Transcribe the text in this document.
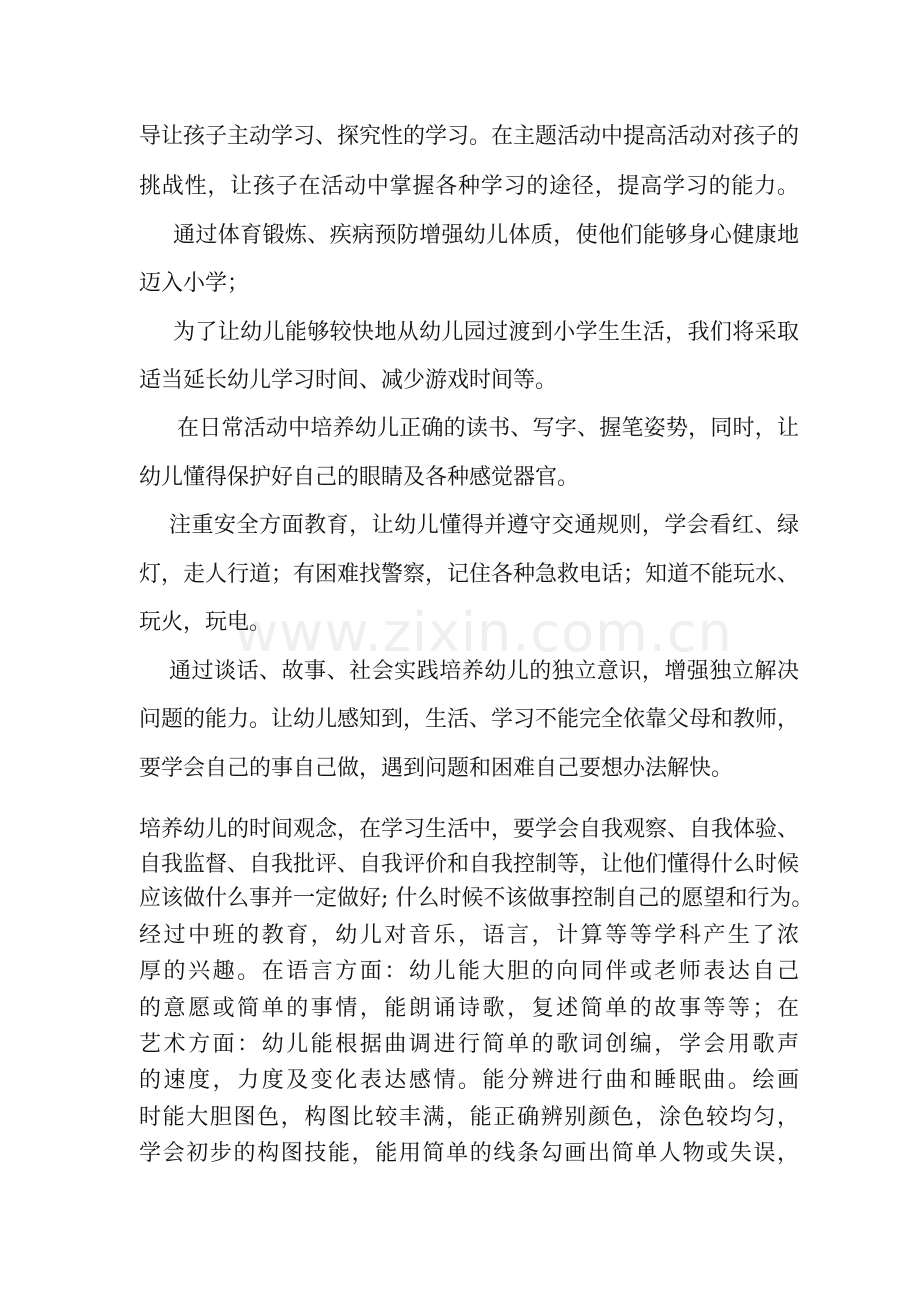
导让孩子主动学习、探究性的学习。在主题活动中提高活动对孩子的
挑战性，让孩子在活动中掌握各种学习的途径，提高学习的能力。
通过体育锻炼、疾病预防增强幼儿体质，使他们能够身心健康地
迈入小学；
为了让幼儿能够较快地从幼儿园过渡到小学生生活，我们将采取
适当延长幼儿学习时间、减少游戏时间等。
在日常活动中培养幼儿正确的读书、写字、握笔姿势，同时，让
幼儿懂得保护好自己的眼睛及各种感觉器官。
注重安全方面教育，让幼儿懂得并遵守交通规则，学会看红、绿
灯，走人行道；有困难找警察，记住各种急救电话；知道不能玩水、
玩火，玩电。
通过谈话、故事、社会实践培养幼儿的独立意识，增强独立解决
问题的能力。让幼儿感知到，生活、学习不能完全依靠父母和教师，
要学会自己的事自己做，遇到问题和困难自己要想办法解快。
培养幼儿的时间观念，在学习生活中，要学会自我观察、自我体验、
自我监督、自我批评、自我评价和自我控制等，让他们懂得什么时候
应该做什么事并一定做好; 什么时候不该做事控制自己的愿望和行为。
经过中班的教育，幼儿对音乐，语言，计算等等学科产生了浓
厚的兴趣。在语言方面：幼儿能大胆的向同伴或老师表达自己
的意愿或简单的事情，能朗诵诗歌，复述简单的故事等等；在
艺术方面：幼儿能根据曲调进行简单的歌词创编，学会用歌声
的速度，力度及变化表达感情。能分辨进行曲和睡眠曲。绘画
时能大胆图色，构图比较丰满，能正确辨别颜色，涂色较均匀，
学会初步的构图技能，能用简单的线条勾画出简单人物或失误，
www.zixin.com.cn
